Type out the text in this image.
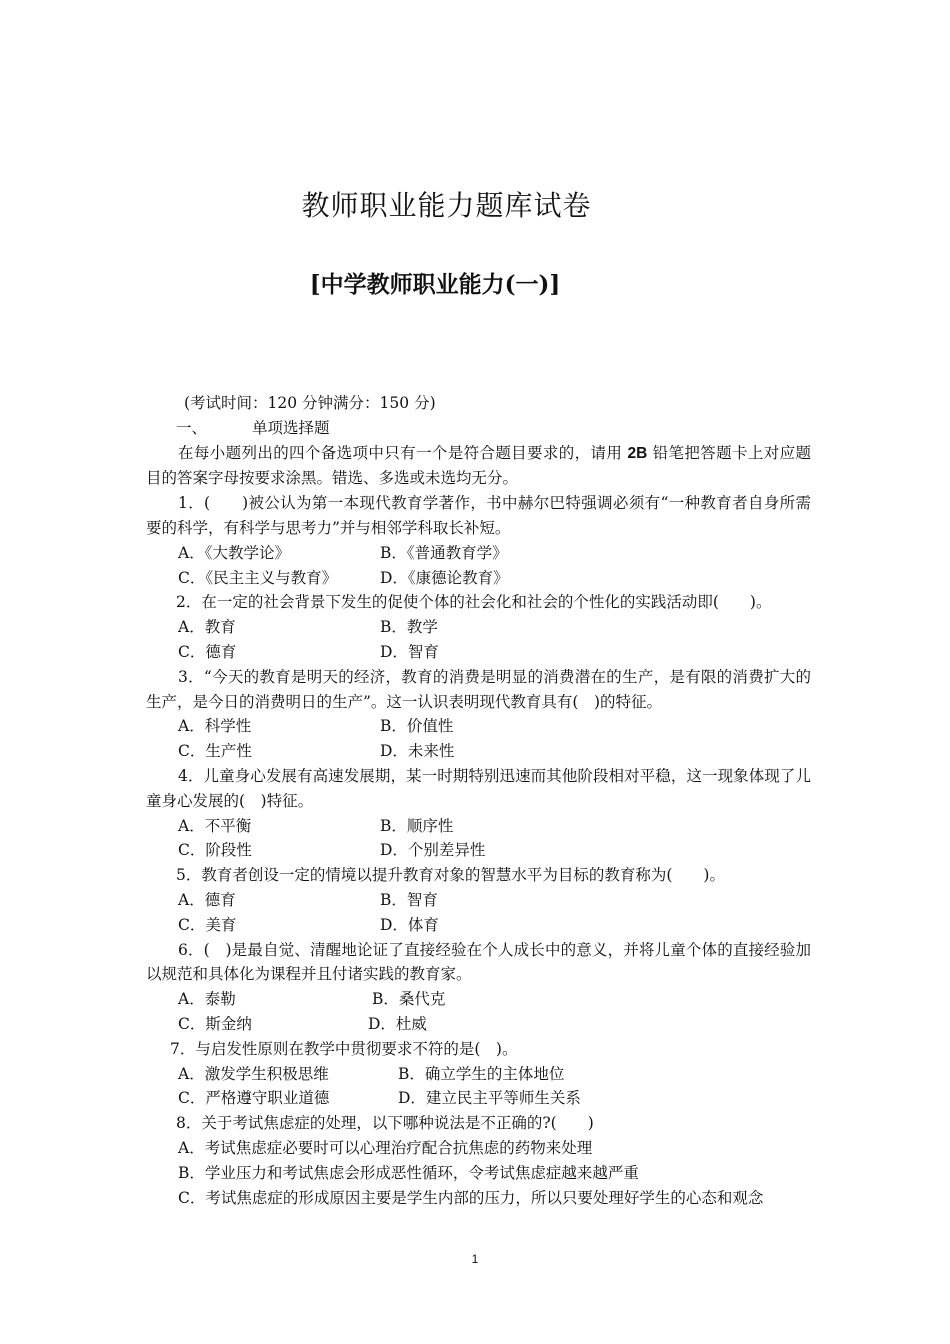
教师职业能力题库试卷
[中学教师职业能力(一)]
(考试时间：120 分钟满分：150 分)
一、	单项选择题
在每小题列出的四个备选项中只有一个是符合题目要求的，请用 2B 铅笔把答题卡上对应题目的答案字母按要求涂黑。错选、多选或未选均无分。
1．(　　)被公认为第一本现代教育学著作，书中赫尔巴特强调必须有“一种教育者自身所需要的科学，有科学与思考力”并与相邻学科取长补短。
A．《大教学论》	B．《普通教育学》
C．《民主主义与教育》	D．《康德论教育》
2．在一定的社会背景下发生的促使个体的社会化和社会的个性化的实践活动即(　　)。
A．教育	B．教学
C．德育	D．智育
3．“今天的教育是明天的经济，教育的消费是明显的消费潜在的生产，是有限的消费扩大的生产，是今日的消费明日的生产”。这一认识表明现代教育具有(　)的特征。
A．科学性	B．价值性
C．生产性	D．未来性
4．儿童身心发展有高速发展期，某一时期特别迅速而其他阶段相对平稳，这一现象体现了儿童身心发展的(　)特征。
A．不平衡	B．顺序性
C．阶段性	D．个别差异性
5．教育者创设一定的情境以提升教育对象的智慧水平为目标的教育称为(　　)。
A．德育	B．智育
C．美育	D．体育
6．(　)是最自觉、清醒地论证了直接经验在个人成长中的意义，并将儿童个体的直接经验加以规范和具体化为课程并且付诸实践的教育家。
A．泰勒	B．桑代克
C．斯金纳	D．杜威
7．与启发性原则在教学中贯彻要求不符的是(　)。
A．激发学生积极思维	B．确立学生的主体地位
C．严格遵守职业道德	D．建立民主平等师生关系
8．关于考试焦虑症的处理，以下哪种说法是不正确的?(　　)
A．考试焦虑症必要时可以心理治疗配合抗焦虑的药物来处理
B．学业压力和考试焦虑会形成恶性循环，令考试焦虑症越来越严重
C．考试焦虑症的形成原因主要是学生内部的压力，所以只要处理好学生的心态和观念
1
